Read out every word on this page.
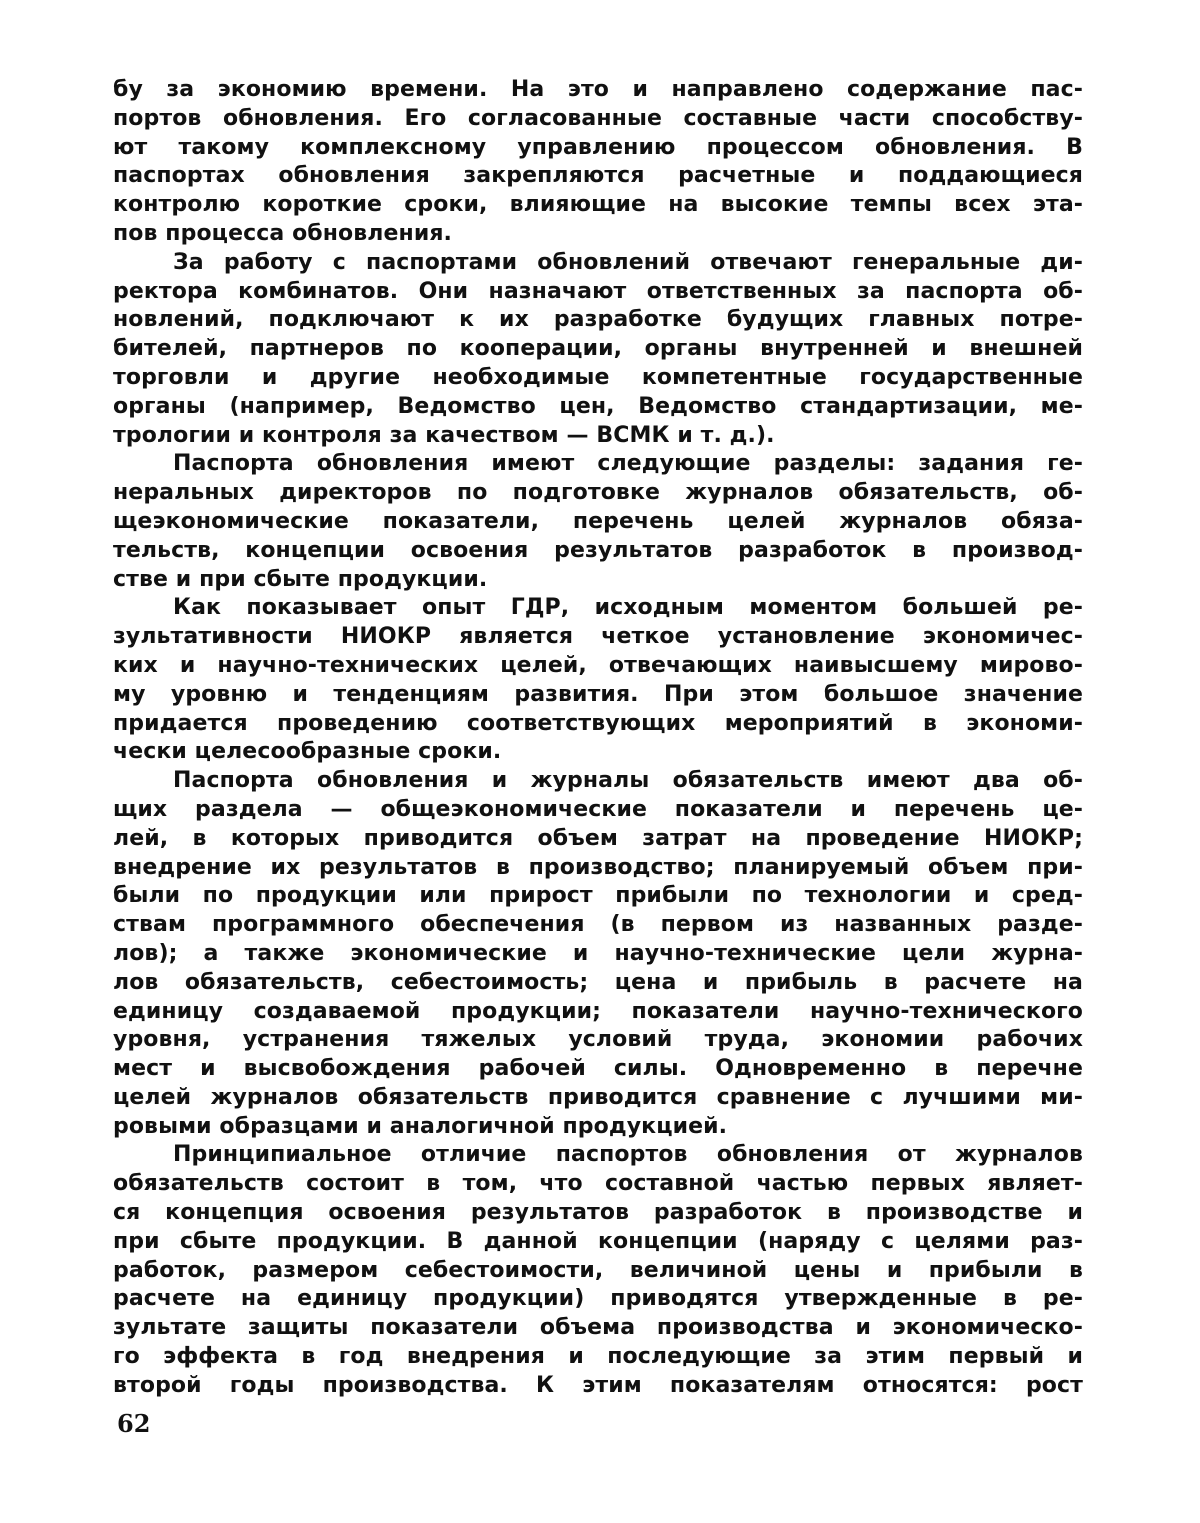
бу за экономию времени. На это и направлено содержание пас-
портов обновления. Его согласованные составные части способству-
ют такому комплексному управлению процессом обновления. В
паспортах обновления закрепляются расчетные и поддающиеся
контролю короткие сроки, влияющие на высокие темпы всех эта-
пов процесса обновления.
За работу с паспортами обновлений отвечают генеральные ди-
ректора комбинатов. Они назначают ответственных за паспорта об-
новлений, подключают к их разработке будущих главных потре-
бителей, партнеров по кооперации, органы внутренней и внешней
торговли и другие необходимые компетентные государственные
органы (например, Ведомство цен, Ведомство стандартизации, ме-
трологии и контроля за качеством — ВСМК и т. д.).
Паспорта обновления имеют следующие разделы: задания ге-
неральных директоров по подготовке журналов обязательств, об-
щеэкономические показатели, перечень целей журналов обяза-
тельств, концепции освоения результатов разработок в производ-
стве и при сбыте продукции.
Как показывает опыт ГДР, исходным моментом большей ре-
зультативности НИОКР является четкое установление экономичес-
ких и научно-технических целей, отвечающих наивысшему мирово-
му уровню и тенденциям развития. При этом большое значение
придается проведению соответствующих мероприятий в экономи-
чески целесообразные сроки.
Паспорта обновления и журналы обязательств имеют два об-
щих раздела — общеэкономические показатели и перечень це-
лей, в которых приводится объем затрат на проведение НИОКР;
внедрение их результатов в производство; планируемый объем при-
были по продукции или прирост прибыли по технологии и сред-
ствам программного обеспечения (в первом из названных разде-
лов); а также экономические и научно-технические цели журна-
лов обязательств, себестоимость; цена и прибыль в расчете на
единицу создаваемой продукции; показатели научно-технического
уровня, устранения тяжелых условий труда, экономии рабочих
мест и высвобождения рабочей силы. Одновременно в перечне
целей журналов обязательств приводится сравнение с лучшими ми-
ровыми образцами и аналогичной продукцией.
Принципиальное отличие паспортов обновления от журналов
обязательств состоит в том, что составной частью первых являет-
ся концепция освоения результатов разработок в производстве и
при сбыте продукции. В данной концепции (наряду с целями раз-
работок, размером себестоимости, величиной цены и прибыли в
расчете на единицу продукции) приводятся утвержденные в ре-
зультате защиты показатели объема производства и экономическо-
го эффекта в год внедрения и последующие за этим первый и
второй годы производства. К этим показателям относятся: рост
62
